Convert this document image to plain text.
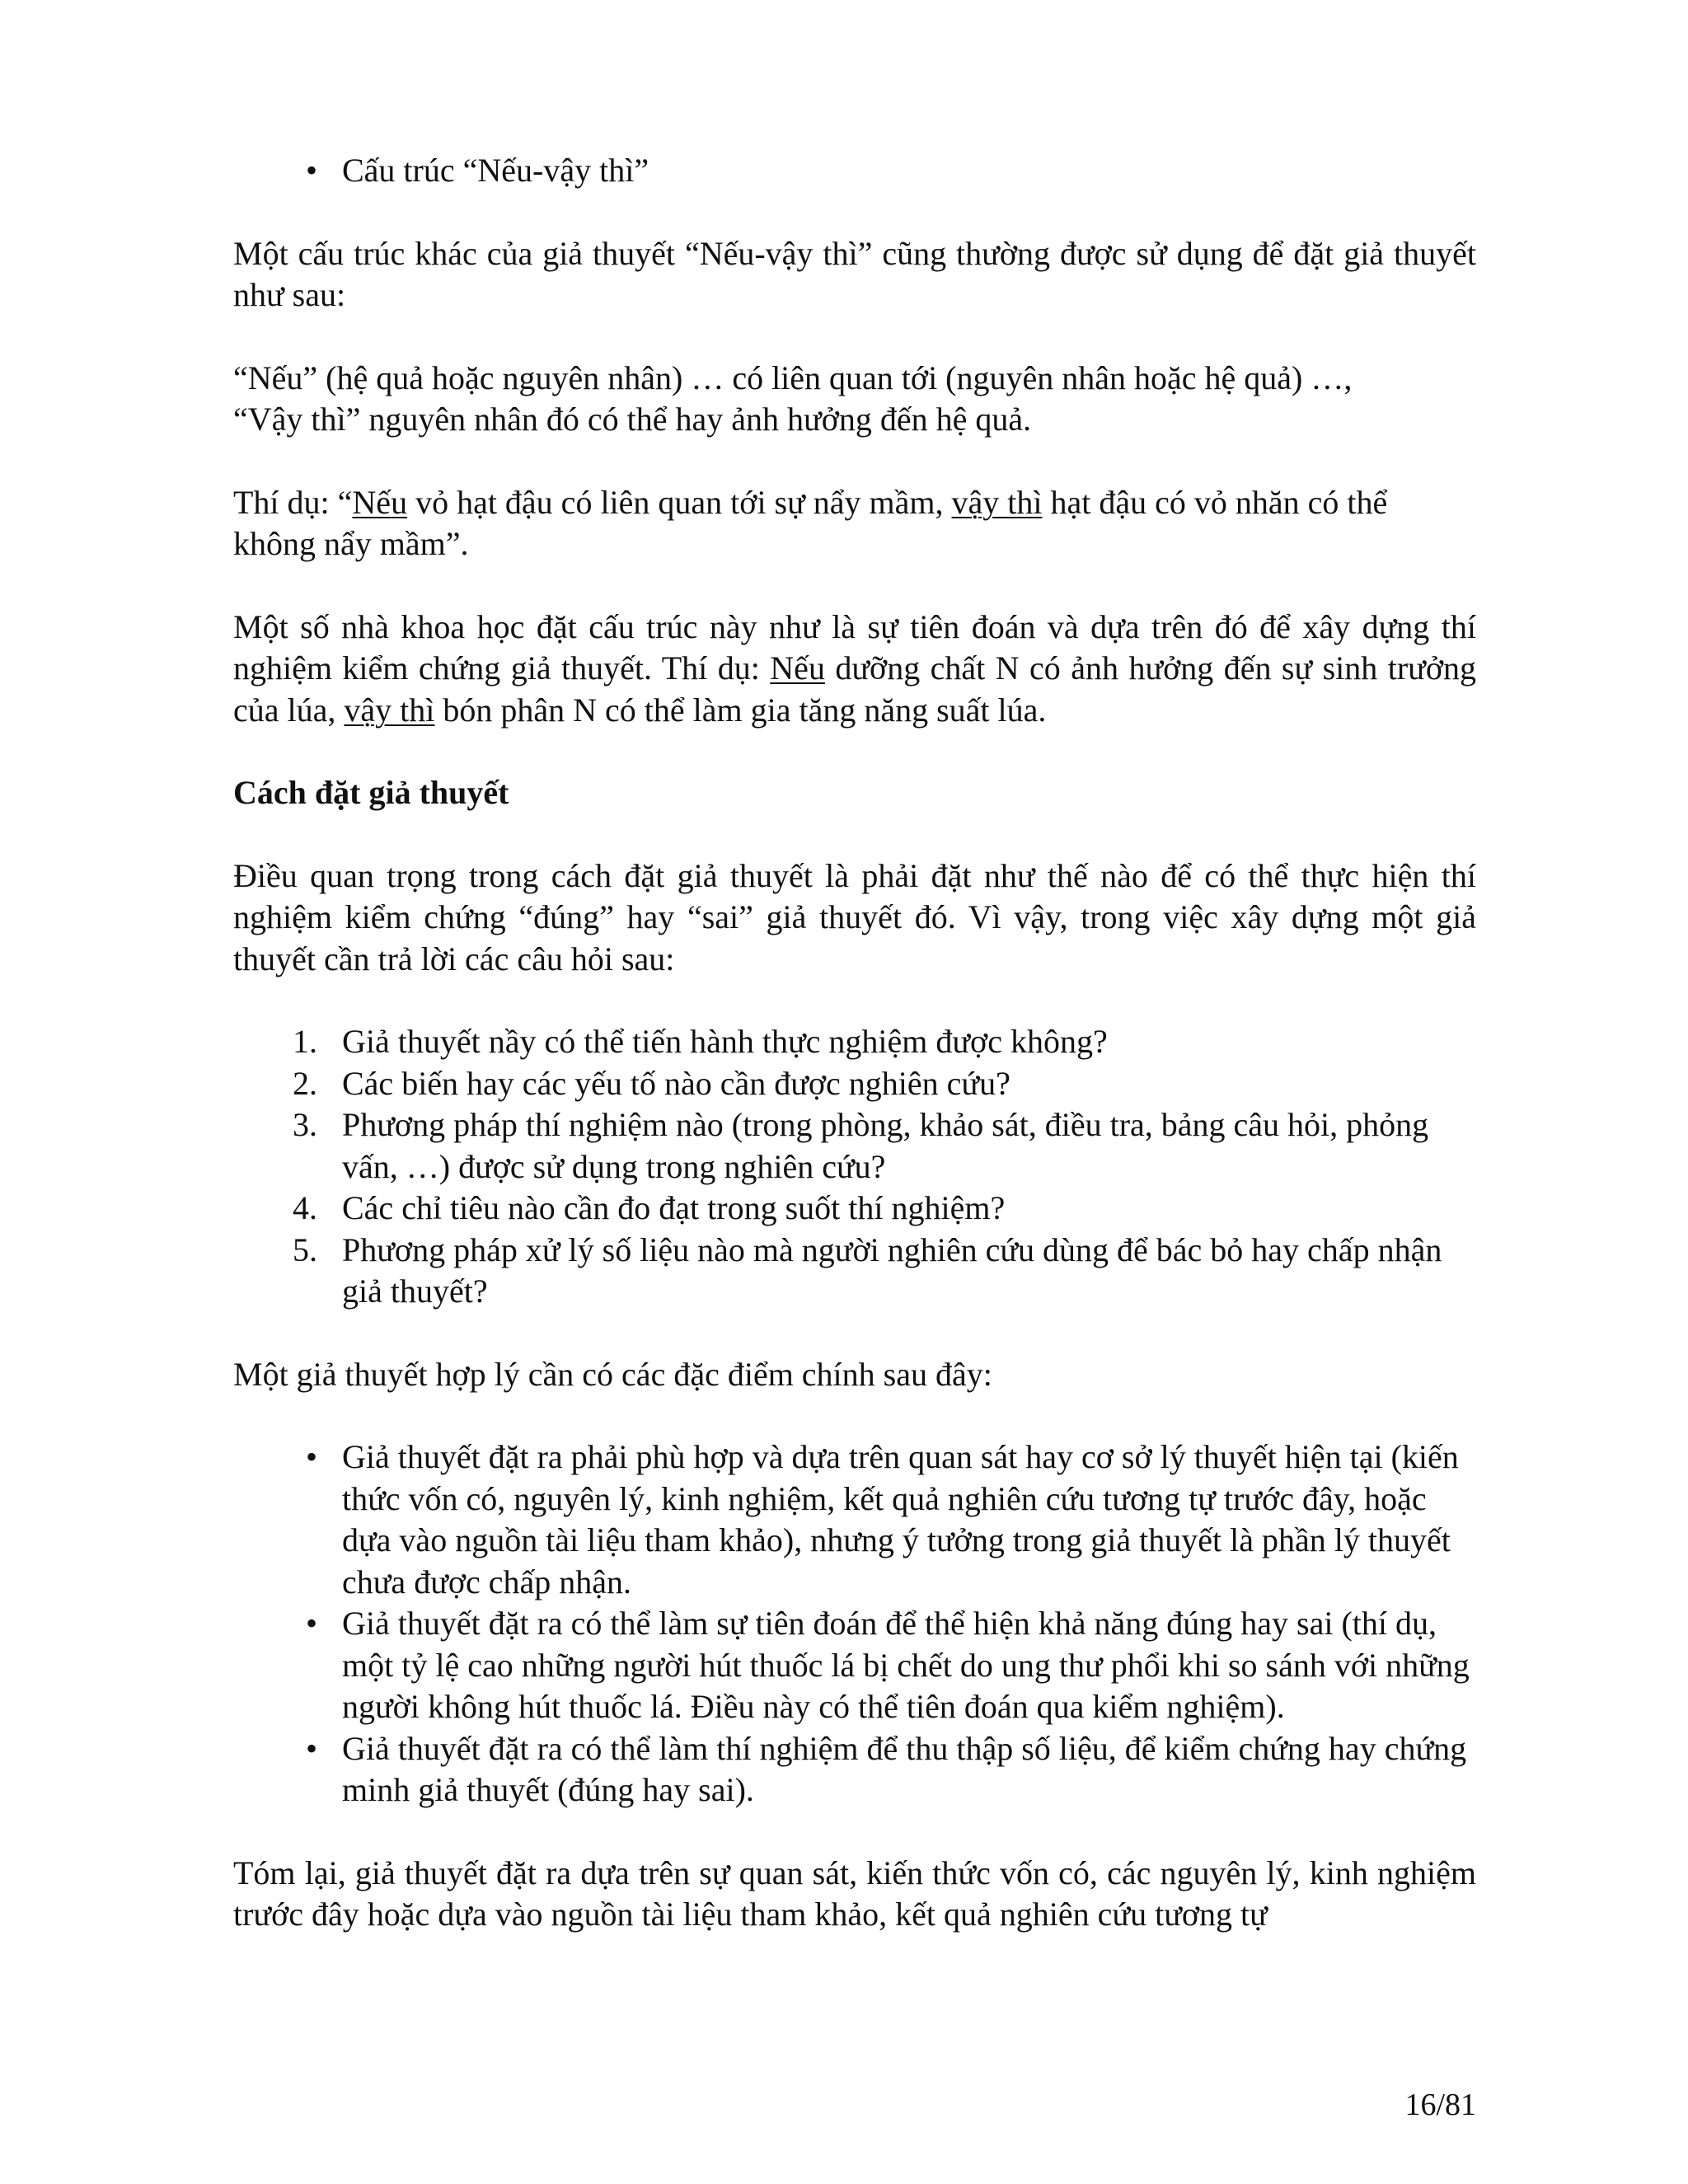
• Cấu trúc “Nếu-vậy thì”

Một cấu trúc khác của giả thuyết “Nếu-vậy thì” cũng thường được sử dụng để đặt giả thuyết như sau:

“Nếu” (hệ quả hoặc nguyên nhân) … có liên quan tới (nguyên nhân hoặc hệ quả) …,
“Vậy thì” nguyên nhân đó có thể hay ảnh hưởng đến hệ quả.

Thí dụ: “Nếu vỏ hạt đậu có liên quan tới sự nẩy mầm, vậy thì hạt đậu có vỏ nhăn có thể không nẩy mầm”.

Một số nhà khoa học đặt cấu trúc này như là sự tiên đoán và dựa trên đó để xây dựng thí nghiệm kiểm chứng giả thuyết. Thí dụ: Nếu dưỡng chất N có ảnh hưởng đến sự sinh trưởng của lúa, vậy thì bón phân N có thể làm gia tăng năng suất lúa.

Cách đặt giả thuyết

Điều quan trọng trong cách đặt giả thuyết là phải đặt như thế nào để có thể thực hiện thí nghiệm kiểm chứng “đúng” hay “sai” giả thuyết đó. Vì vậy, trong việc xây dựng một giả thuyết cần trả lời các câu hỏi sau:

1. Giả thuyết nầy có thể tiến hành thực nghiệm được không?
2. Các biến hay các yếu tố nào cần được nghiên cứu?
3. Phương pháp thí nghiệm nào (trong phòng, khảo sát, điều tra, bảng câu hỏi, phỏng vấn, …) được sử dụng trong nghiên cứu?
4. Các chỉ tiêu nào cần đo đạt trong suốt thí nghiệm?
5. Phương pháp xử lý số liệu nào mà người nghiên cứu dùng để bác bỏ hay chấp nhận giả thuyết?

Một giả thuyết hợp lý cần có các đặc điểm chính sau đây:

• Giả thuyết đặt ra phải phù hợp và dựa trên quan sát hay cơ sở lý thuyết hiện tại (kiến thức vốn có, nguyên lý, kinh nghiệm, kết quả nghiên cứu tương tự trước đây, hoặc dựa vào nguồn tài liệu tham khảo), nhưng ý tưởng trong giả thuyết là phần lý thuyết chưa được chấp nhận.
• Giả thuyết đặt ra có thể làm sự tiên đoán để thể hiện khả năng đúng hay sai (thí dụ, một tỷ lệ cao những người hút thuốc lá bị chết do ung thư phổi khi so sánh với những người không hút thuốc lá. Điều này có thể tiên đoán qua kiểm nghiệm).
• Giả thuyết đặt ra có thể làm thí nghiệm để thu thập số liệu, để kiểm chứng hay chứng minh giả thuyết (đúng hay sai).

Tóm lại, giả thuyết đặt ra dựa trên sự quan sát, kiến thức vốn có, các nguyên lý, kinh nghiệm trước đây hoặc dựa vào nguồn tài liệu tham khảo, kết quả nghiên cứu tương tự

16/81
